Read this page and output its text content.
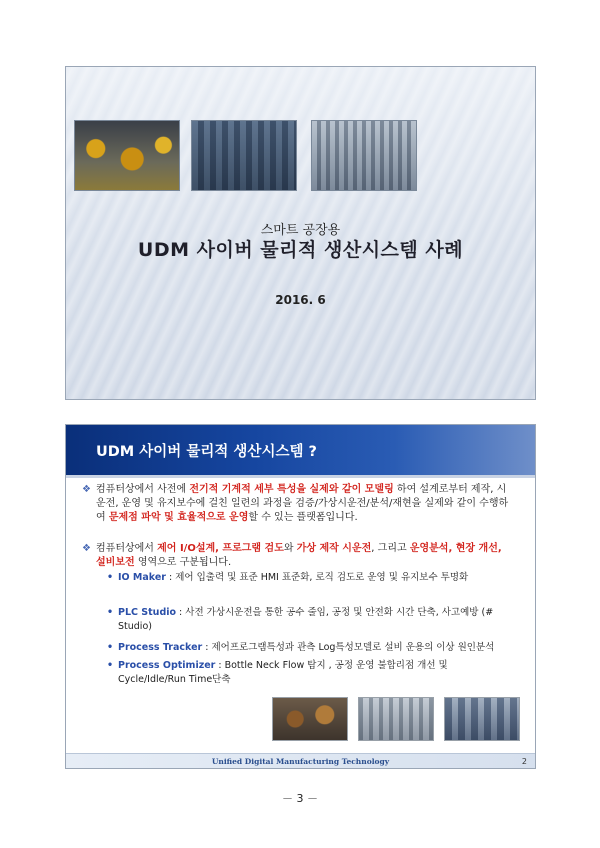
스마트 공장용
UDM 사이버 물리적 생산시스템 사례
2016. 6
UDM 사이버 물리적 생산시스템 ?
❖ 컴퓨터상에서 사전에 전기적 기계적 세부 특성을 실제와 같이 모델링 하여 설계로부터 제작, 시운전, 운영 및 유지보수에 걸친 일련의 과정을 검증/가상시운전/분석/재현을 실제와 같이 수행하여 문제점 파악 및 효율적으로 운영할 수 있는 플랫폼입니다.
❖ 컴퓨터상에서 제어 I/O설계, 프로그램 검도와 가상 제작 시운전, 그리고 운영분석, 현장 개선, 설비보전 영역으로 구분됩니다.
• IO Maker : 제어 입출력 및 표준 HMI 표준화, 로직 검도로 운영 및 유지보수 투명화
• PLC Studio : 사전 가상시운전을 통한 공수 줄임, 공정 및 안전화 시간 단축, 사고예방 (# Studio)
• Process Tracker : 제어프로그램특성과 관측 Log특성모델로 설비 운용의 이상 원인분석
• Process Optimizer : Bottle Neck Flow 탐지 , 공정 운영 불합리점 개선 및 Cycle/Idle/Run Time단축
Unified Digital Manufacturing Technology	2
－ 3 －
